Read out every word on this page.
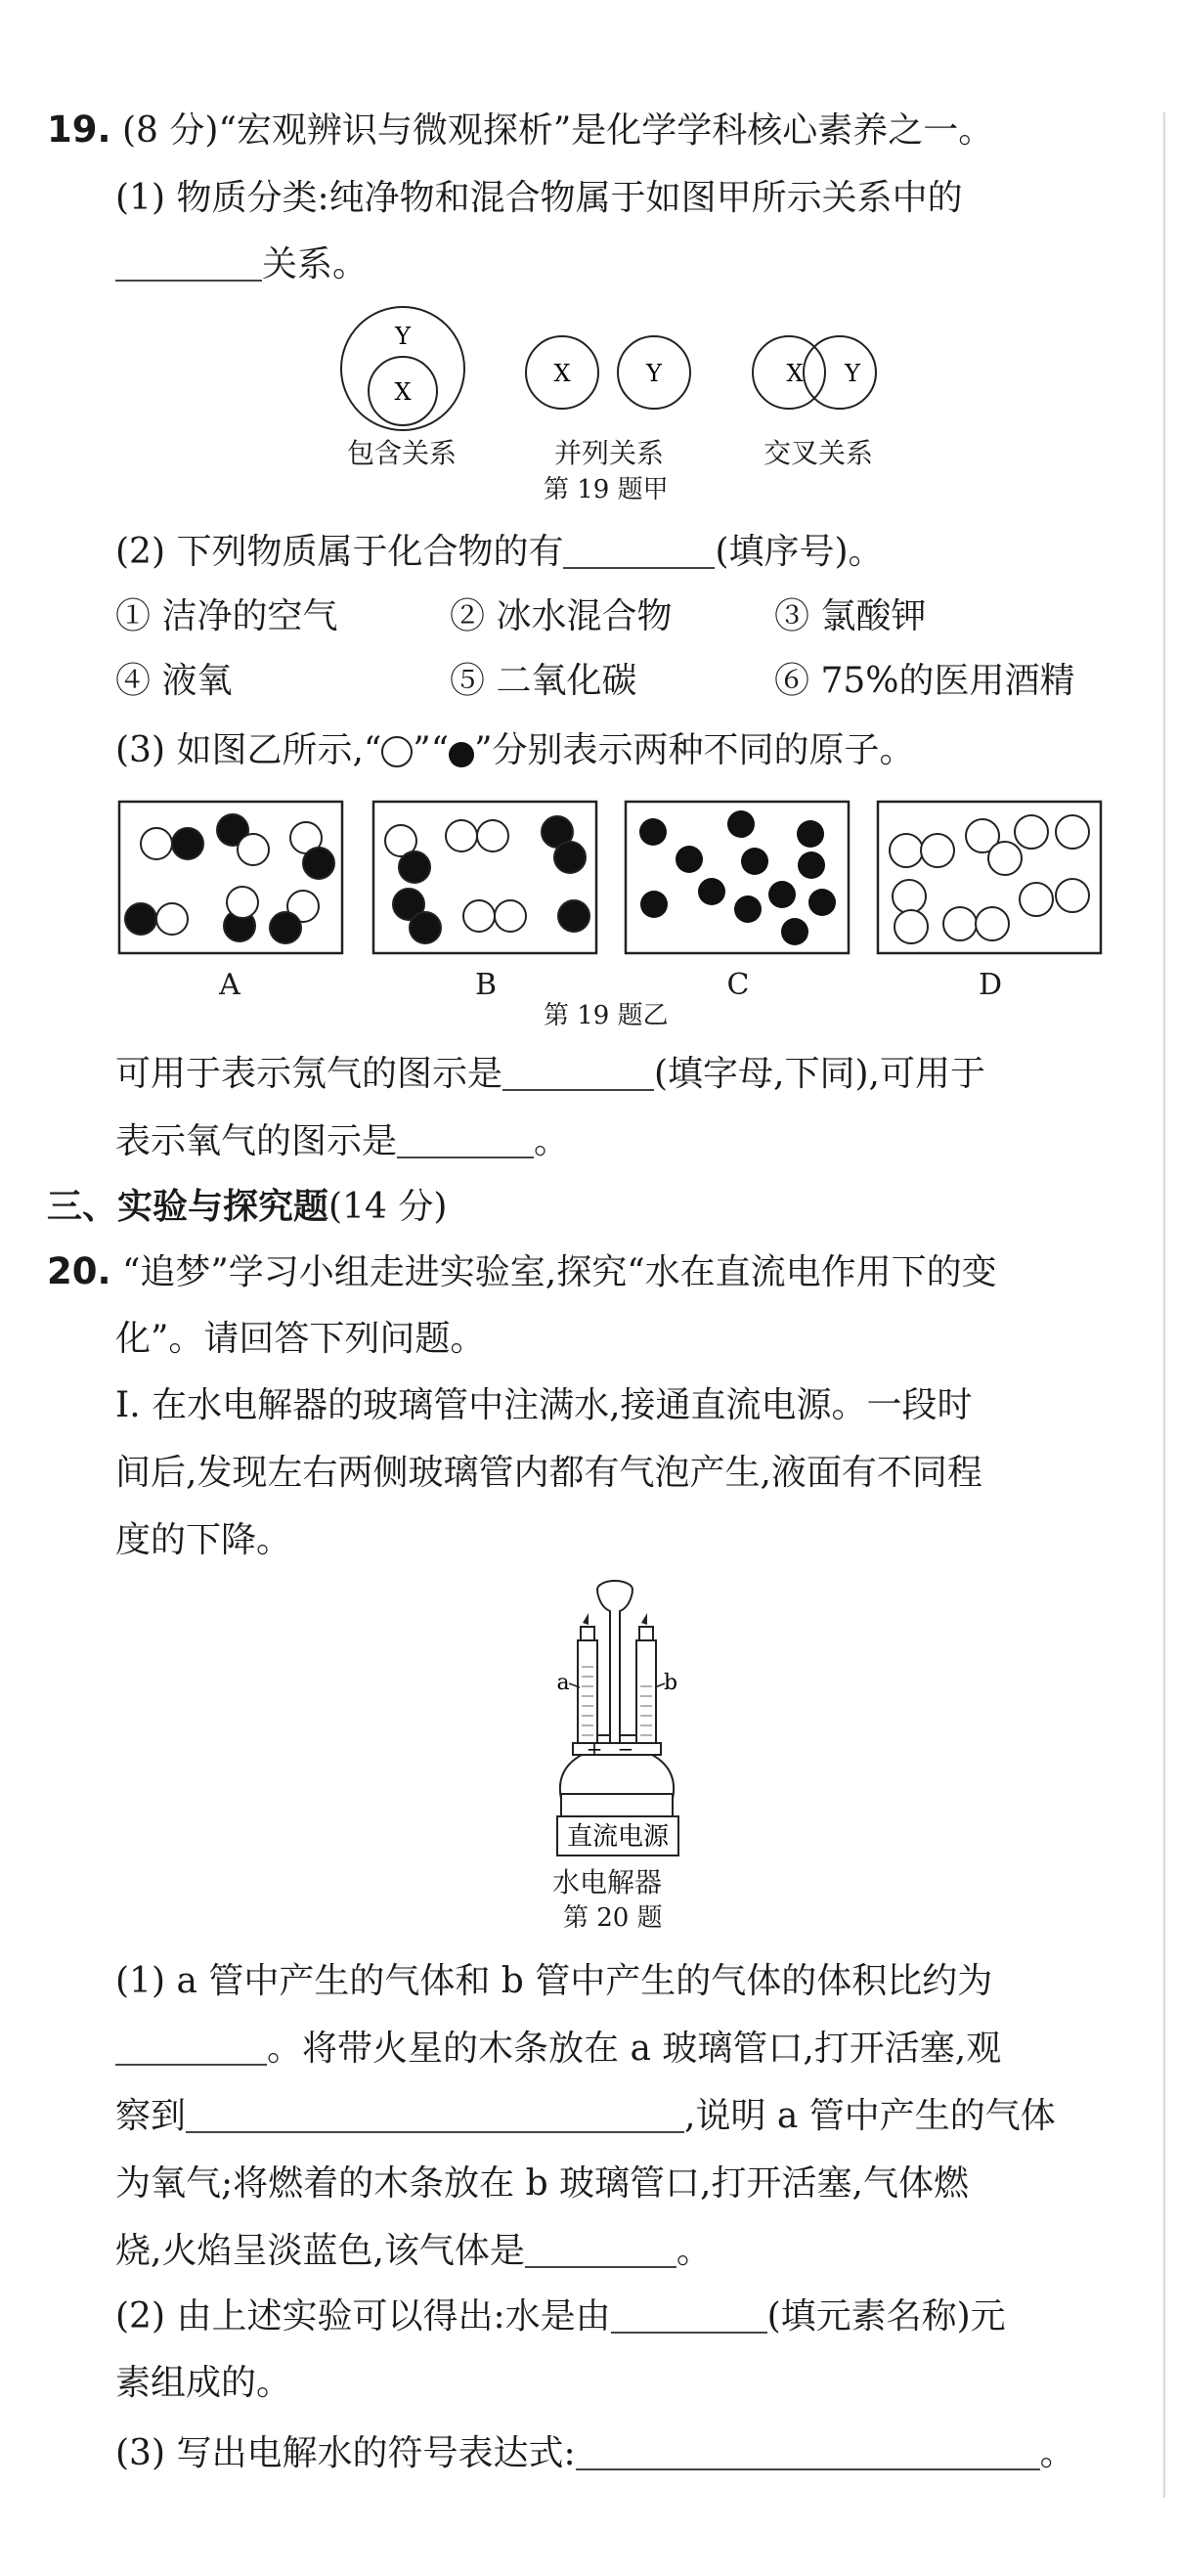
19. (8 分)“宏观辨识与微观探析”是化学学科核心素养之一。
(1) 物质分类:纯净物和混合物属于如图甲所示关系中的
关系。
Y
X
X	Y	X Y
包含关系	并列关系	交叉关系
第 19 题甲
(2) 下列物质属于化合物的有	(填序号)。
① 洁净的空气	② 冰水混合物	③ 氯酸钾
④ 液氧	⑤ 二氧化碳	⑥ 75%的医用酒精
(3) 如图乙所示,“ ”“ ”分别表示两种不同的原子。
A	B	C	D
第 19 题乙
可用于表示氖气的图示是	(填字母,下同),可用于
表示氧气的图示是	。
三、实验与探究题(14 分)
20. “追梦”学习小组走进实验室,探究“水在直流电作用下的变
化”。请回答下列问题。
Ⅰ. 在水电解器的玻璃管中注满水,接通直流电源。一段时
间后,发现左右两侧玻璃管内都有气泡产生,液面有不同程
度的下降。
+ −
a	b
直流电源
水电解器
第 20 题
(1) a 管中产生的气体和 b 管中产生的气体的体积比约为
。将带火星的木条放在 a 玻璃管口,打开活塞,观
察到	,说明 a 管中产生的气体
为氧气;将燃着的木条放在 b 玻璃管口,打开活塞,气体燃
烧,火焰呈淡蓝色,该气体是	。
(2) 由上述实验可以得出:水是由	(填元素名称)元
素组成的。
(3) 写出电解水的符号表达式:	。
